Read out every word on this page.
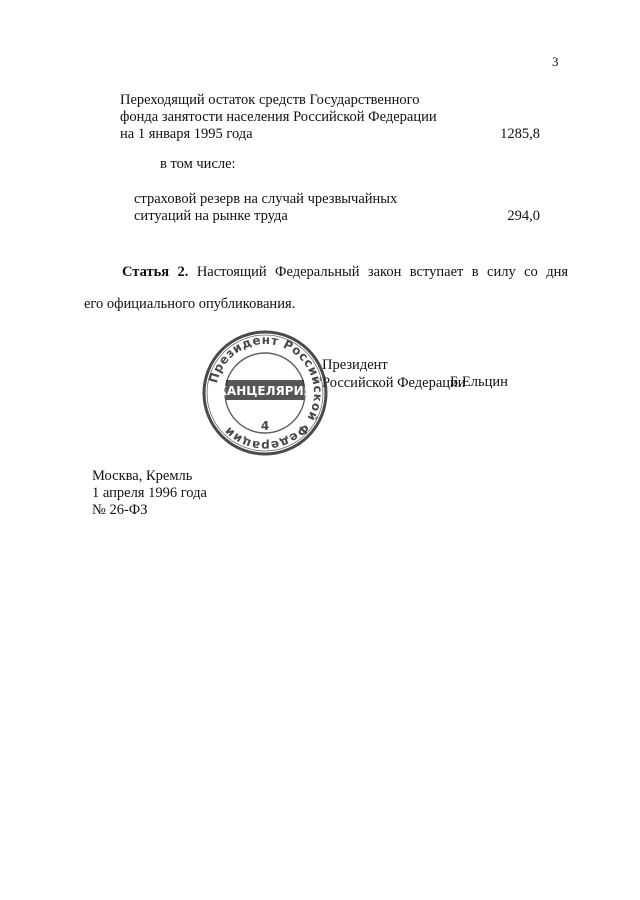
3
Переходящий остаток средств Государственного
фонда занятости населения Российской Федерации
на 1 января 1995 года	1285,8
в том числе:
страховой резерв на случай чрезвычайных
ситуаций на рынке труда	294,0
Статья 2. Настоящий Федеральный закон вступает в силу со дня
его официального опубликования.
Президент
Российской Федерации
Б.Ельцин
Президент Российской Федерации
КАНЦЕЛЯРИЯ
4
Москва, Кремль
1 апреля 1996 года
№ 26-ФЗ
